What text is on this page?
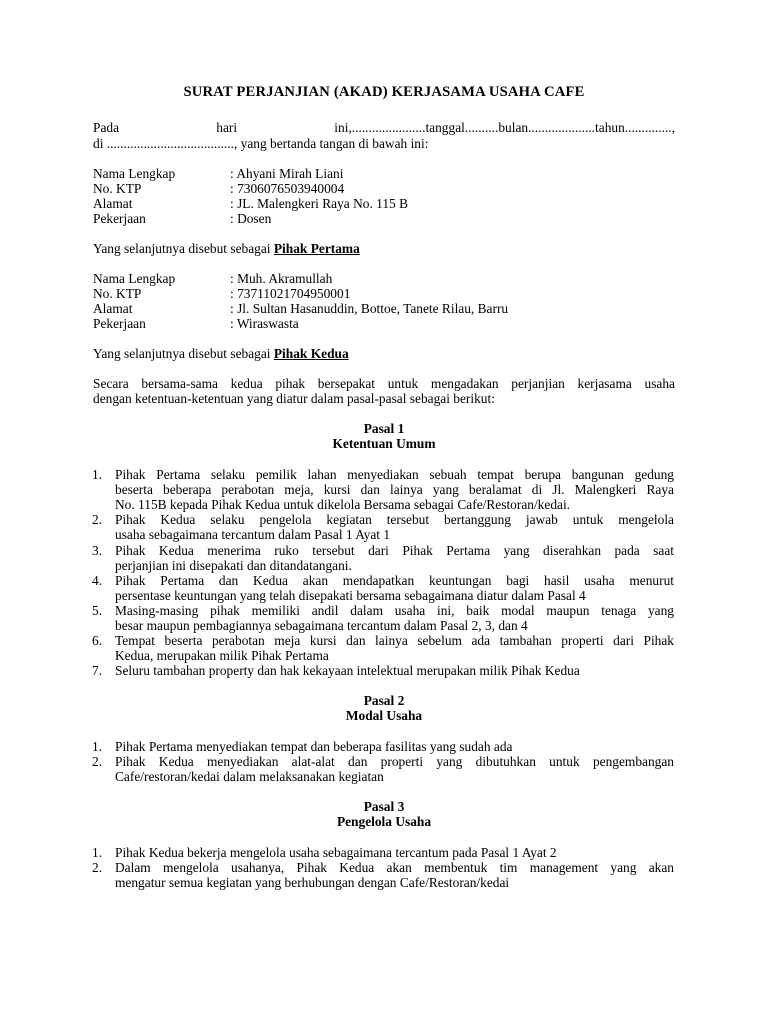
SURAT PERJANJIAN (AKAD) KERJASAMA USAHA CAFE
Pada hari ini,......................tanggal..........bulan....................tahun..............,
di ......................................, yang bertanda tangan di bawah ini:
Nama Lengkap	: Ahyani Mirah Liani
No. KTP	: 7306076503940004
Alamat	: JL. Malengkeri Raya No. 115 B
Pekerjaan	: Dosen
Yang selanjutnya disebut sebagai Pihak Pertama
Nama Lengkap	: Muh. Akramullah
No. KTP	: 73711021704950001
Alamat	: Jl. Sultan Hasanuddin, Bottoe, Tanete Rilau, Barru
Pekerjaan	: Wiraswasta
Yang selanjutnya disebut sebagai Pihak Kedua
Secara bersama-sama kedua pihak bersepakat untuk mengadakan perjanjian kerjasama usaha
dengan ketentuan-ketentuan yang diatur dalam pasal-pasal sebagai berikut:
Pasal 1
Ketentuan Umum
1. Pihak Pertama selaku pemilik lahan menyediakan sebuah tempat berupa bangunan gedung
beserta beberapa perabotan meja, kursi dan lainya yang beralamat di Jl. Malengkeri Raya
No. 115B kepada Pihak Kedua untuk dikelola Bersama sebagai Cafe/Restoran/kedai.
2. Pihak Kedua selaku pengelola kegiatan tersebut bertanggung jawab untuk mengelola
usaha sebagaimana tercantum dalam Pasal 1 Ayat 1
3. Pihak Kedua menerima ruko tersebut dari Pihak Pertama yang diserahkan pada saat
perjanjian ini disepakati dan ditandatangani.
4. Pihak Pertama dan Kedua akan mendapatkan keuntungan bagi hasil usaha menurut
persentase keuntungan yang telah disepakati bersama sebagaimana diatur dalam Pasal 4
5. Masing-masing pihak memiliki andil dalam usaha ini, baik modal maupun tenaga yang
besar maupun pembagiannya sebagaimana tercantum dalam Pasal 2, 3, dan 4
6. Tempat beserta perabotan meja kursi dan lainya sebelum ada tambahan properti dari Pihak
Kedua, merupakan milik Pihak Pertama
7. Seluru tambahan property dan hak kekayaan intelektual merupakan milik Pihak Kedua
Pasal 2
Modal Usaha
1. Pihak Pertama menyediakan tempat dan beberapa fasilitas yang sudah ada
2. Pihak Kedua menyediakan alat-alat dan properti yang dibutuhkan untuk pengembangan
Cafe/restoran/kedai dalam melaksanakan kegiatan
Pasal 3
Pengelola Usaha
1. Pihak Kedua bekerja mengelola usaha sebagaimana tercantum pada Pasal 1 Ayat 2
2. Dalam mengelola usahanya, Pihak Kedua akan membentuk tim management yang akan
mengatur semua kegiatan yang berhubungan dengan Cafe/Restoran/kedai
